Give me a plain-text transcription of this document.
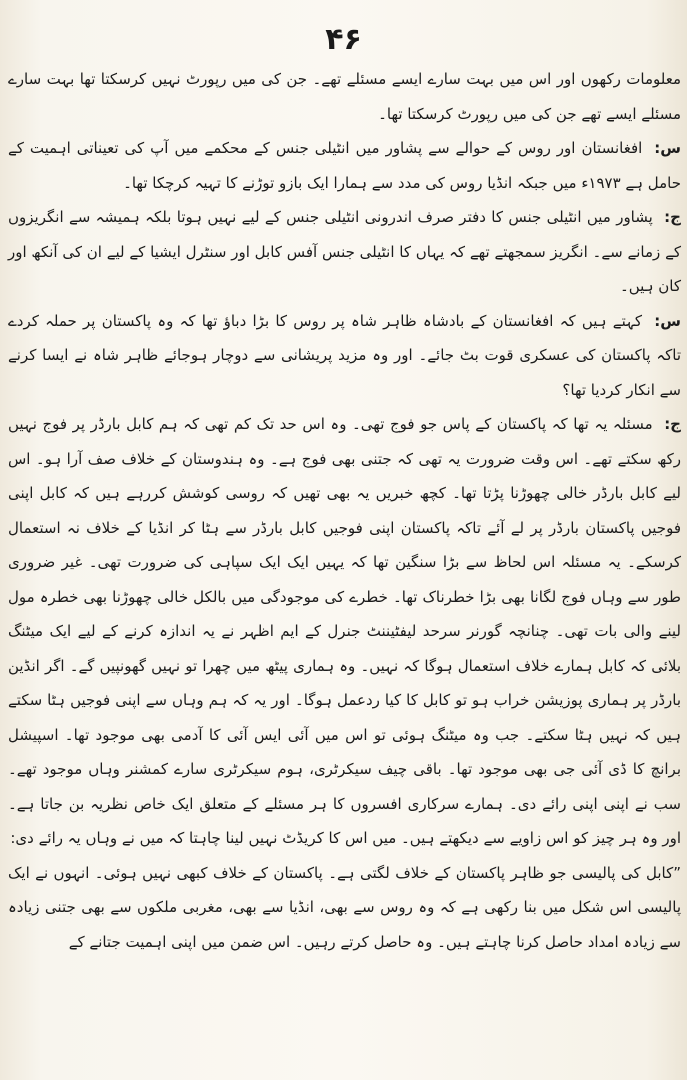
۴۶

معلومات رکھوں اور اس میں بہت سارے ایسے مسئلے تھے۔ جن کی میں رپورٹ نہیں کرسکتا تھا بہت سارے مسئلے ایسے تھے جن کی میں رپورٹ کرسکتا تھا۔

س: افغانستان اور روس کے حوالے سے پشاور میں انٹیلی جنس کے محکمے میں آپ کی تعیناتی اہمیت کے حامل ہے ۱۹۷۳ء میں جبکہ انڈیا روس کی مدد سے ہمارا ایک بازو توڑنے کا تہیہ کرچکا تھا۔

ج: پشاور میں انٹیلی جنس کا دفتر صرف اندرونی انٹیلی جنس کے لیے نہیں ہوتا بلکہ ہمیشہ سے انگریزوں کے زمانے سے۔ انگریز سمجھتے تھے کہ یہاں کا انٹیلی جنس آفس کابل اور سنٹرل ایشیا کے لیے ان کی آنکھ اور کان ہیں۔

س: کہتے ہیں کہ افغانستان کے بادشاہ ظاہر شاہ پر روس کا بڑا دباؤ تھا کہ وہ پاکستان پر حملہ کردے تاکہ پاکستان کی عسکری قوت بٹ جائے۔ اور وہ مزید پریشانی سے دوچار ہوجائے ظاہر شاہ نے ایسا کرنے سے انکار کردیا تھا؟

ج: مسئلہ یہ تھا کہ پاکستان کے پاس جو فوج تھی۔ وہ اس حد تک کم تھی کہ ہم کابل بارڈر پر فوج نہیں رکھ سکتے تھے۔ اس وقت ضرورت یہ تھی کہ جتنی بھی فوج ہے۔ وہ ہندوستان کے خلاف صف آرا ہو۔ اس لیے کابل بارڈر خالی چھوڑنا پڑتا تھا۔ کچھ خبریں یہ بھی تھیں کہ روسی کوشش کررہے ہیں کہ کابل اپنی فوجیں پاکستان بارڈر پر لے آئے تاکہ پاکستان اپنی فوجیں کابل بارڈر سے ہٹا کر انڈیا کے خلاف نہ استعمال کرسکے۔ یہ مسئلہ اس لحاظ سے بڑا سنگین تھا کہ یہیں ایک ایک سپاہی کی ضرورت تھی۔ غیر ضروری طور سے وہاں فوج لگانا بھی بڑا خطرناک تھا۔ خطرے کی موجودگی میں بالکل خالی چھوڑنا بھی خطرہ مول لینے والی بات تھی۔ چنانچہ گورنر سرحد لیفٹیننٹ جنرل کے ایم اظہر نے یہ اندازہ کرنے کے لیے ایک میٹنگ بلائی کہ کابل ہمارے خلاف استعمال ہوگا کہ نہیں۔ وہ ہماری پیٹھ میں چھرا تو نہیں گھونپیں گے۔ اگر انڈین بارڈر پر ہماری پوزیشن خراب ہو تو کابل کا کیا ردعمل ہوگا۔ اور یہ کہ ہم وہاں سے اپنی فوجیں ہٹا سکتے ہیں کہ نہیں ہٹا سکتے۔ جب وہ میٹنگ ہوئی تو اس میں آئی ایس آئی کا آدمی بھی موجود تھا۔ اسپیشل برانچ کا ڈی آئی جی بھی موجود تھا۔ باقی چیف سیکرٹری، ہوم سیکرٹری سارے کمشنر وہاں موجود تھے۔ سب نے اپنی اپنی رائے دی۔ ہمارے سرکاری افسروں کا ہر مسئلے کے متعلق ایک خاص نظریہ بن جاتا ہے۔ اور وہ ہر چیز کو اس زاویے سے دیکھتے ہیں۔ میں اس کا کریڈٹ نہیں لینا چاہتا کہ میں نے وہاں یہ رائے دی:

”کابل کی پالیسی جو ظاہر پاکستان کے خلاف لگتی ہے۔ پاکستان کے خلاف کبھی نہیں ہوئی۔ انہوں نے ایک پالیسی اس شکل میں بنا رکھی ہے کہ وہ روس سے بھی، انڈیا سے بھی، مغربی ملکوں سے بھی جتنی زیادہ سے زیادہ امداد حاصل کرنا چاہتے ہیں۔ وہ حاصل کرتے رہیں۔ اس ضمن میں اپنی اہمیت جتانے کے
